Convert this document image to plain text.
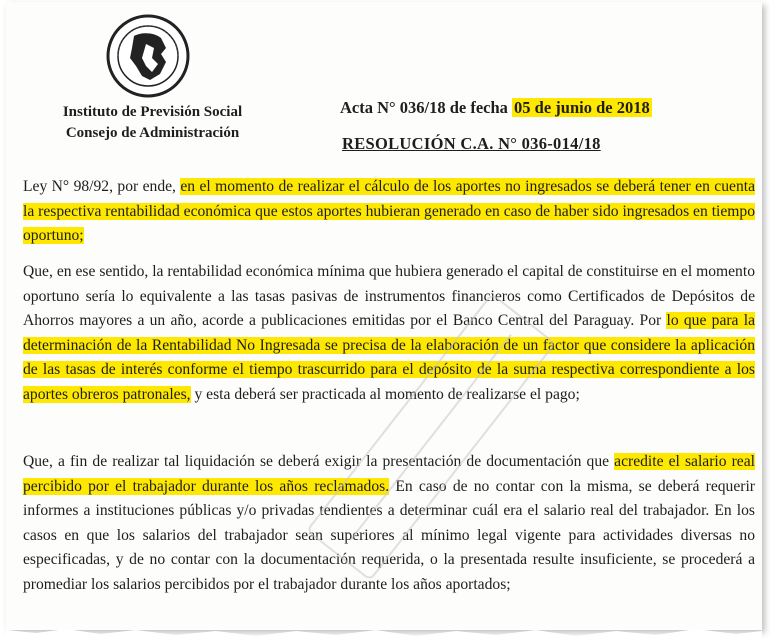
Instituto de Previsión Social
Consejo de Administración
Acta N° 036/18 de fecha 05 de junio de 2018
RESOLUCIÓN C.A. N° 036-014/18
Ley N° 98/92, por ende, en el momento de realizar el cálculo de los aportes no ingresados se deberá tener en cuenta la respectiva rentabilidad económica que estos aportes hubieran generado en caso de haber sido ingresados en tiempo oportuno;
Que, en ese sentido, la rentabilidad económica mínima que hubiera generado el capital de constituirse en el momento oportuno sería lo equivalente a las tasas pasivas de instrumentos financieros como Certificados de Depósitos de Ahorros mayores a un año, acorde a publicaciones emitidas por el Banco Central del Paraguay. Por lo que para la determinación de la Rentabilidad No Ingresada se precisa de la elaboración de un factor que considere la aplicación de las tasas de interés conforme el tiempo trascurrido para el depósito de la suma respectiva correspondiente a los aportes obreros patronales, y esta deberá ser practicada al momento de realizarse el pago;
Que, a fin de realizar tal liquidación se deberá exigir la presentación de documentación que acredite el salario real percibido por el trabajador durante los años reclamados. En caso de no contar con la misma, se deberá requerir informes a instituciones públicas y/o privadas tendientes a determinar cuál era el salario real del trabajador. En los casos en que los salarios del trabajador sean superiores al mínimo legal vigente para actividades diversas no especificadas, y de no contar con la documentación requerida, o la presentada resulte insuficiente, se procederá a promediar los salarios percibidos por el trabajador durante los años aportados;
